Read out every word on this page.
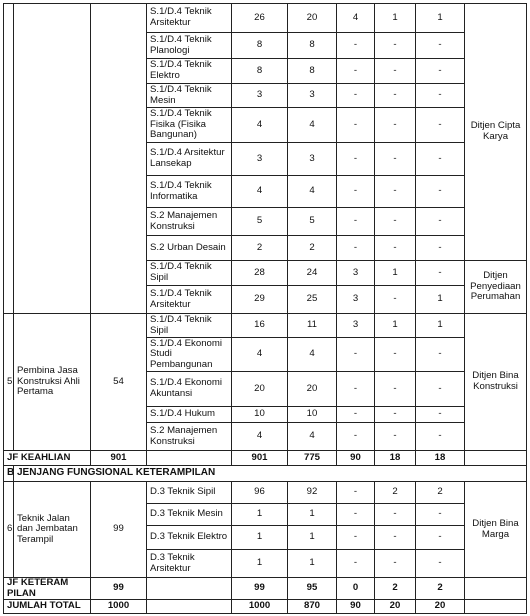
			S.1/D.4 Teknik Arsitektur	26	20	4	1	1	Ditjen Cipta Karya
			S.1/D.4 Teknik Planologi	8	8	-	-	-	
			S.1/D.4 Teknik Elektro	8	8	-	-	-	
			S.1/D.4 Teknik Mesin	3	3	-	-	-	
			S.1/D.4 Teknik Fisika (Fisika Bangunan)	4	4	-	-	-	
			S.1/D.4 Arsitektur Lansekap	3	3	-	-	-	
			S.1/D.4 Teknik Informatika	4	4	-	-	-	
			S.2 Manajemen Konstruksi	5	5	-	-	-	
			S.2 Urban Desain	2	2	-	-	-	
			S.1/D.4 Teknik Sipil	28	24	3	1	-	Ditjen Penyediaan Perumahan
			S.1/D.4 Teknik Arsitektur	29	25	3	-	1	
5	Pembina Jasa Konstruksi Ahli Pertama	54	S.1/D.4 Teknik Sipil	16	11	3	1	1	Ditjen Bina Konstruksi
			S.1/D.4 Ekonomi Studi Pembangunan	4	4	-	-	-	
			S.1/D.4 Ekonomi Akuntansi	20	20	-	-	-	
			S.1/D.4 Hukum	10	10	-	-	-	
			S.2 Manajemen Konstruksi	4	4	-	-	-	
JF KEAHLIAN		901		901	775	90	18	18	
B	JENJANG FUNGSIONAL KETERAMPILAN								
6	Teknik Jalan dan Jembatan Terampil	99	D.3 Teknik Sipil	96	92	-	2	2	Ditjen Bina Marga
			D.3 Teknik Mesin	1	1	-	-	-	
			D.3 Teknik Elektro	1	1	-	-	-	
			D.3 Teknik Arsitektur	1	1	-	-	-	
JF KETERAM PILAN		99		99	95	0	2	2	
JUMLAH TOTAL		1000		1000	870	90	20	20	
